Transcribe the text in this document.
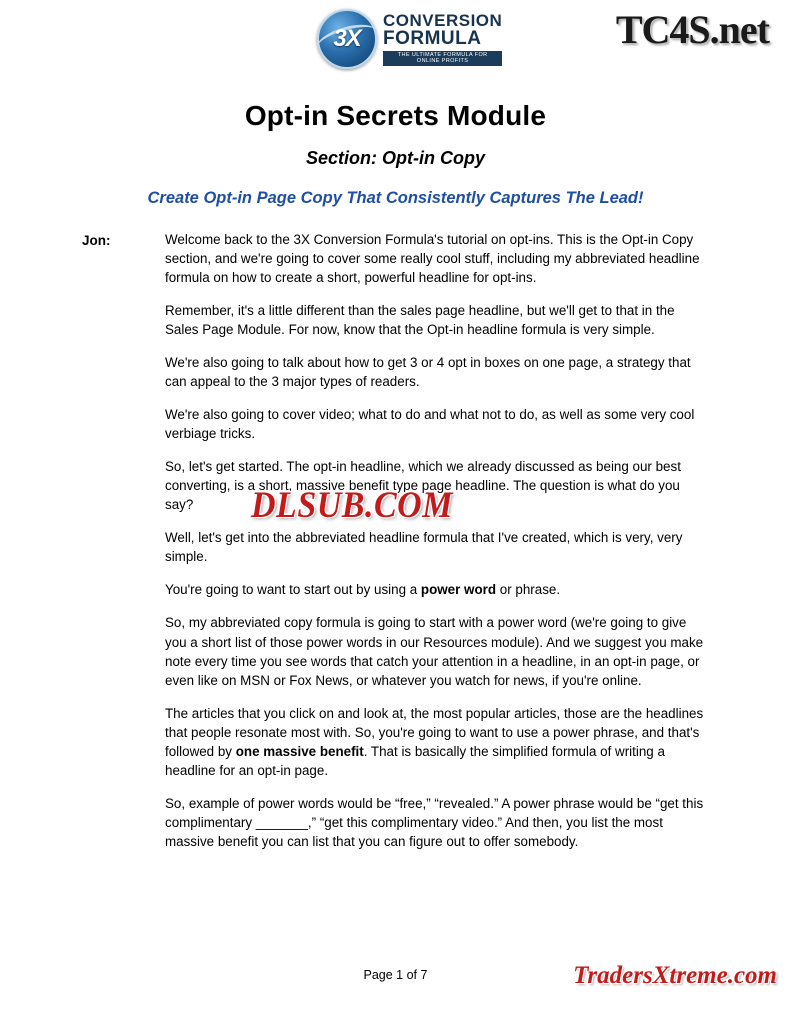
3X
CONVERSION
FORMULA
THE ULTIMATE FORMULA FOR ONLINE PROFITS
TC4S.net
Opt-in Secrets Module
Section: Opt-in Copy
Create Opt-in Page Copy That Consistently Captures The Lead!
Jon:	Welcome back to the 3X Conversion Formula's tutorial on opt-ins. This is the Opt-in Copy section, and we're going to cover some really cool stuff, including my abbreviated headline formula on how to create a short, powerful headline for opt-ins.

Remember, it's a little different than the sales page headline, but we'll get to that in the Sales Page Module. For now, know that the Opt-in headline formula is very simple.

We're also going to talk about how to get 3 or 4 opt in boxes on one page, a strategy that can appeal to the 3 major types of readers.

We're also going to cover video; what to do and what not to do, as well as some very cool verbiage tricks.

So, let's get started. The opt-in headline, which we already discussed as being our best converting, is a short, massive benefit type page headline. The question is what do you say?

Well, let's get into the abbreviated headline formula that I've created, which is very, very simple.

You're going to want to start out by using a power word or phrase.

So, my abbreviated copy formula is going to start with a power word (we're going to give you a short list of those power words in our Resources module). And we suggest you make note every time you see words that catch your attention in a headline, in an opt-in page, or even like on MSN or Fox News, or whatever you watch for news, if you're online.

The articles that you click on and look at, the most popular articles, those are the headlines that people resonate most with. So, you're going to want to use a power phrase, and that's followed by one massive benefit. That is basically the simplified formula of writing a headline for an opt-in page.

So, example of power words would be “free,” “revealed.” A power phrase would be “get this complimentary _______,” “get this complimentary video.” And then, you list the most massive benefit you can list that you can figure out to offer somebody.

DLSUB.COM
Page 1 of 7	TradersXtreme.com
